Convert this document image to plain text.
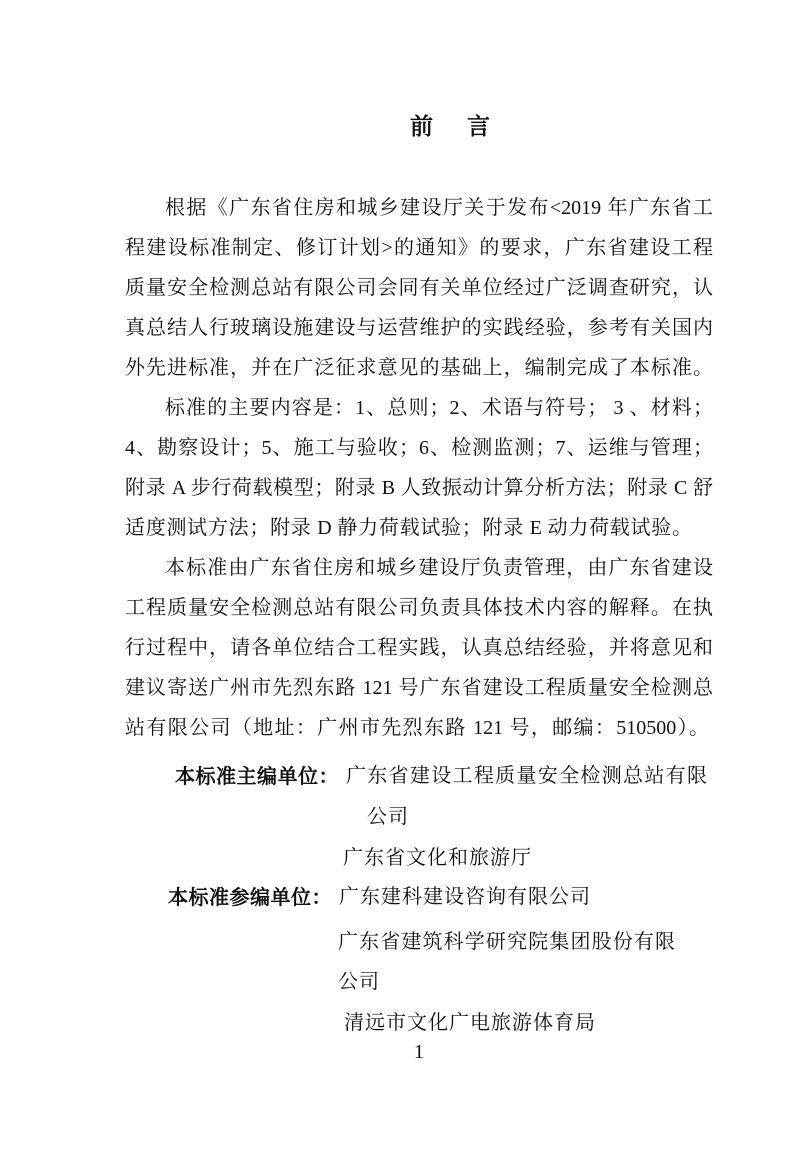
前言
根据《广东省住房和城乡建设厅关于发布<2019 年广东省工
程建设标准制定、修订计划>的通知》的要求，广东省建设工程
质量安全检测总站有限公司会同有关单位经过广泛调查研究，认
真总结人行玻璃设施建设与运营维护的实践经验，参考有关国内
外先进标准，并在广泛征求意见的基础上，编制完成了本标准。
标准的主要内容是：1、总则；2、术语与符号； 3 、材料；
4、勘察设计；5、施工与验收；6、检测监测；7、运维与管理；
附录 A 步行荷载模型；附录 B 人致振动计算分析方法；附录 C 舒
适度测试方法；附录 D 静力荷载试验；附录 E 动力荷载试验。
本标准由广东省住房和城乡建设厅负责管理，由广东省建设
工程质量安全检测总站有限公司负责具体技术内容的解释。在执
行过程中，请各单位结合工程实践，认真总结经验，并将意见和
建议寄送广州市先烈东路 121 号广东省建设工程质量安全检测总
站有限公司（地址：广州市先烈东路 121 号，邮编：510500）。
本标准主编单位： 广东省建设工程质量安全检测总站有限
公司
广东省文化和旅游厅
本标准参编单位： 广东建科建设咨询有限公司
广东省建筑科学研究院集团股份有限
公司
清远市文化广电旅游体育局
1
